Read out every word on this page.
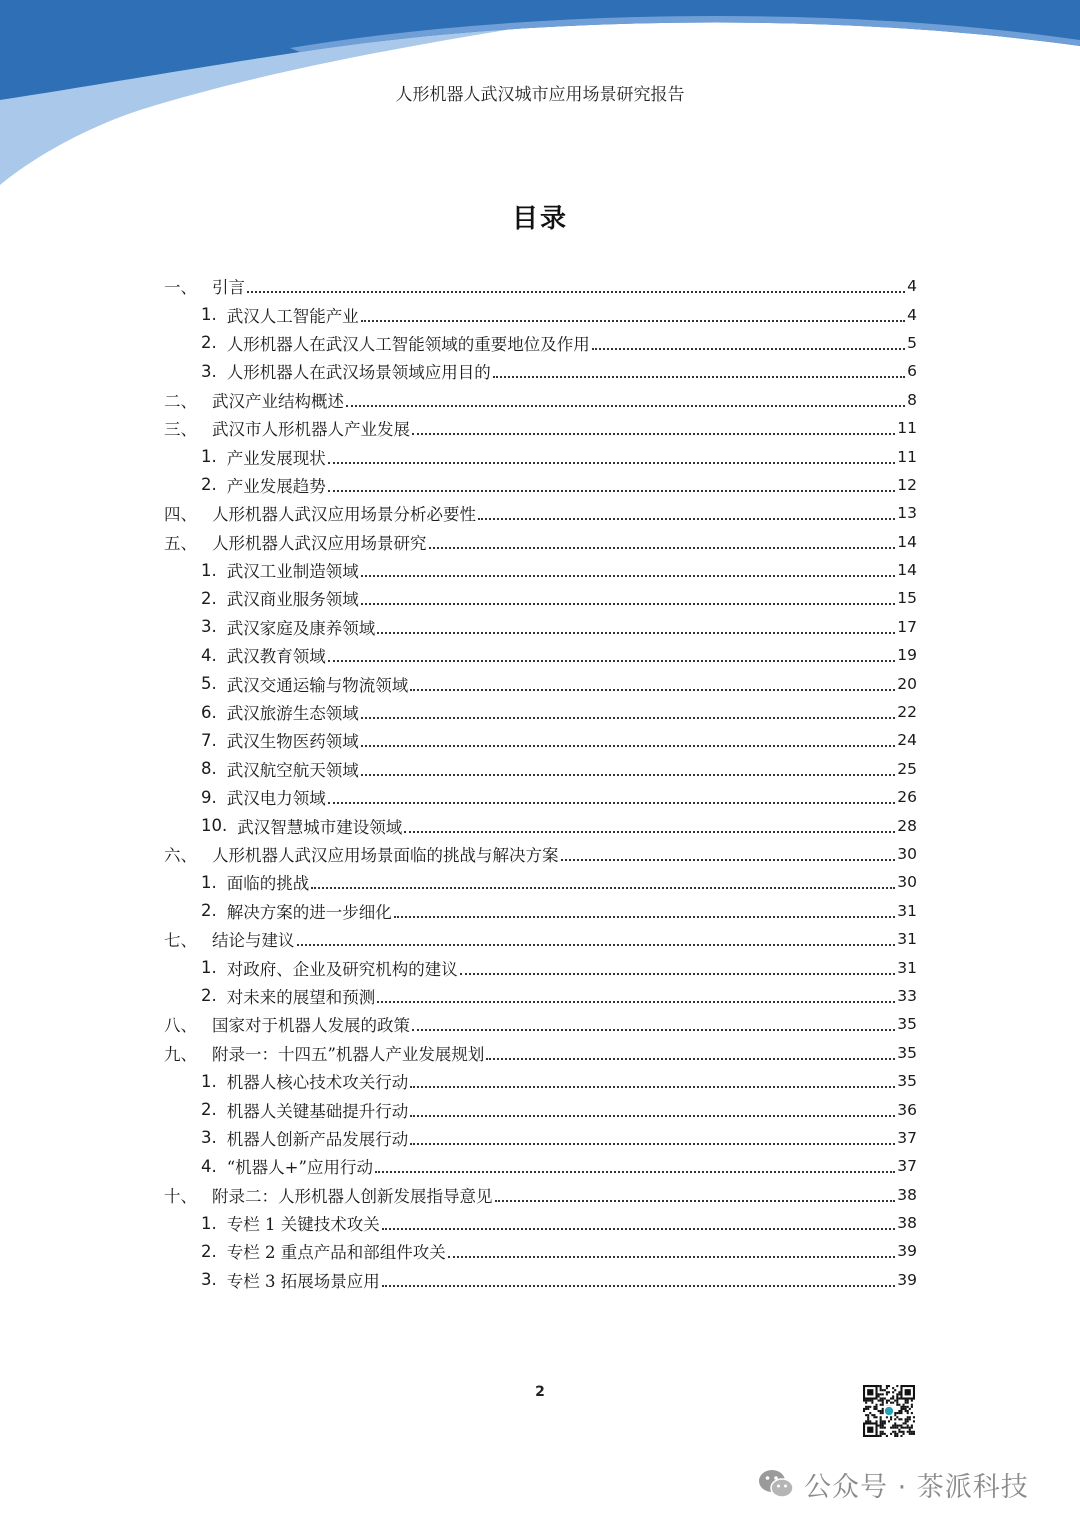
人形机器人武汉城市应用场景研究报告
目录
一、 引言	4
1. 武汉人工智能产业	4
2. 人形机器人在武汉人工智能领域的重要地位及作用	5
3. 人形机器人在武汉场景领域应用目的	6
二、 武汉产业结构概述	8
三、 武汉市人形机器人产业发展	11
1. 产业发展现状	11
2. 产业发展趋势	12
四、 人形机器人武汉应用场景分析必要性	13
五、 人形机器人武汉应用场景研究	14
1. 武汉工业制造领域	14
2. 武汉商业服务领域	15
3. 武汉家庭及康养领域	17
4. 武汉教育领域	19
5. 武汉交通运输与物流领域	20
6. 武汉旅游生态领域	22
7. 武汉生物医药领域	24
8. 武汉航空航天领域	25
9. 武汉电力领域	26
10. 武汉智慧城市建设领域	28
六、 人形机器人武汉应用场景面临的挑战与解决方案	30
1. 面临的挑战	30
2. 解决方案的进一步细化	31
七、 结论与建议	31
1. 对政府、企业及研究机构的建议	31
2. 对未来的展望和预测	33
八、 国家对于机器人发展的政策	35
九、 附录一：十四五”机器人产业发展规划	35
1. 机器人核心技术攻关行动	35
2. 机器人关键基础提升行动	36
3. 机器人创新产品发展行动	37
4. “机器人+”应用行动	37
十、 附录二：人形机器人创新发展指导意见	38
1. 专栏 1 关键技术攻关	38
2. 专栏 2 重点产品和部组件攻关	39
3. 专栏 3 拓展场景应用	39
2
公众号 · 茶派科技
